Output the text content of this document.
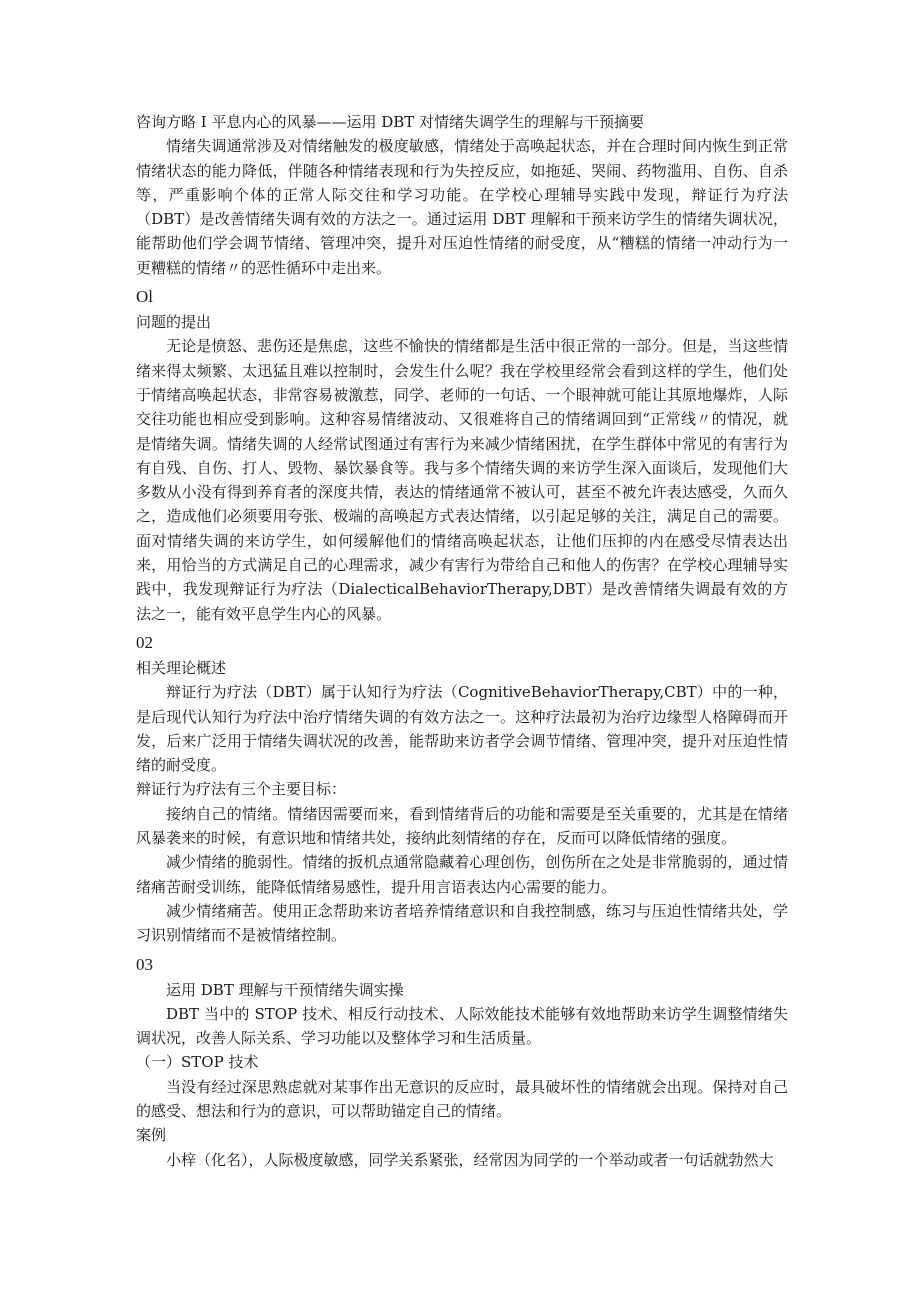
咨询方略 I 平息内心的风暴——运用 DBT 对情绪失调学生的理解与干预摘要

情绪失调通常涉及对情绪触发的极度敏感，情绪处于高唤起状态，并在合理时间内恢生到正常情绪状态的能力降低，伴随各种情绪表现和行为失控反应，如拖延、哭闹、药物滥用、自伤、自杀等，严重影响个体的正常人际交往和学习功能。在学校心理辅导实践中发现，辩证行为疗法（DBT）是改善情绪失调有效的方法之一。通过运用 DBT 理解和干预来访学生的情绪失调状况，能帮助他们学会调节情绪、管理冲突，提升对压迫性情绪的耐受度，从“糟糕的情绪一冲动行为一更糟糕的情绪〃的恶性循环中走出来。

Ol

问题的提出

无论是愤怒、悲伤还是焦虑，这些不愉快的情绪都是生活中很正常的一部分。但是，当这些情绪来得太频繁、太迅猛且难以控制时，会发生什么呢？我在学校里经常会看到这样的学生，他们处于情绪高唤起状态，非常容易被激惹，同学、老师的一句话、一个眼神就可能让其原地爆炸，人际交往功能也相应受到影响。这种容易情绪波动、又很难将自己的情绪调回到“正常线〃的情况，就是情绪失调。情绪失调的人经常试图通过有害行为来减少情绪困扰，在学生群体中常见的有害行为有自残、自伤、打人、毁物、暴饮暴食等。我与多个情绪失调的来访学生深入面谈后，发现他们大多数从小没有得到养育者的深度共情，表达的情绪通常不被认可，甚至不被允许表达感受，久而久之，造成他们必须要用夸张、极端的高唤起方式表达情绪，以引起足够的关注，满足自己的需要。面对情绪失调的来访学生，如何缓解他们的情绪高唤起状态，让他们压抑的内在感受尽情表达出来，用恰当的方式满足自己的心理需求，减少有害行为带给自己和他人的伤害？在学校心理辅导实践中，我发现辩证行为疗法（DialecticalBehaviorTherapy,DBT）是改善情绪失调最有效的方法之一，能有效平息学生内心的风暴。

02

相关理论概述

辩证行为疗法（DBT）属于认知行为疗法（CognitiveBehaviorTherapy,CBT）中的一种，是后现代认知行为疗法中治疗情绪失调的有效方法之一。这种疗法最初为治疗边缘型人格障碍而开发，后来广泛用于情绪失调状况的改善，能帮助来访者学会调节情绪、管理冲突，提升对压迫性情绪的耐受度。

辩证行为疗法有三个主要目标：

接纳自己的情绪。情绪因需要而来，看到情绪背后的功能和需要是至关重要的，尤其是在情绪风暴袭来的时候，有意识地和情绪共处，接纳此刻情绪的存在，反而可以降低情绪的强度。

减少情绪的脆弱性。情绪的扳机点通常隐藏着心理创伤，创伤所在之处是非常脆弱的，通过情绪痛苦耐受训练，能降低情绪易感性，提升用言语表达内心需要的能力。

减少情绪痛苦。使用正念帮助来访者培养情绪意识和自我控制感，练习与压迫性情绪共处，学习识别情绪而不是被情绪控制。

03

运用 DBT 理解与干预情绪失调实操

DBT 当中的 STOP 技术、相反行动技术、人际效能技术能够有效地帮助来访学生调整情绪失调状况，改善人际关系、学习功能以及整体学习和生活质量。

（一）STOP 技术

当没有经过深思熟虑就对某事作出无意识的反应时，最具破坏性的情绪就会出现。保持对自己的感受、想法和行为的意识，可以帮助锚定自己的情绪。

案例

小梓（化名），人际极度敏感，同学关系紧张，经常因为同学的一个举动或者一句话就勃然大
